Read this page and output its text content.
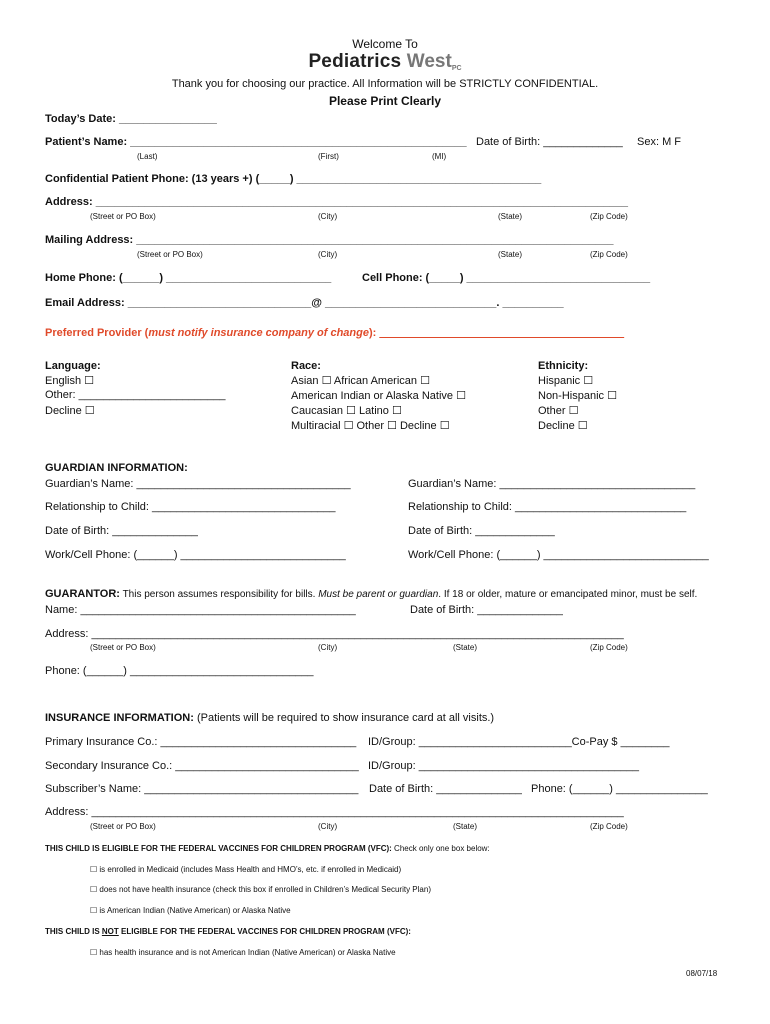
Welcome To
Pediatrics West$_{PC}$
Thank you for choosing our practice. All Information will be STRICTLY CONFIDENTIAL.
Please Print Clearly
Today’s Date: ________________
Patient’s Name: _______________________________________________________ Date of Birth: _____________ Sex: M F
(Last)	(First)	(MI)
Confidential Patient Phone: (13 years +) (_____) ________________________________________
Address: _______________________________________________________________________________________
(Street or PO Box)	(City)	(State)	(Zip Code)
Mailing Address: ______________________________________________________________________________
(Street or PO Box)	(City)	(State)	(Zip Code)
Home Phone: (______) ___________________________	Cell Phone: (_____) ______________________________
Email Address: ______________________________@ ____________________________. __________
Preferred Provider (must notify insurance company of change): ________________________________________
Language:
English ☐
Other: ________________________
Decline ☐
Race:
Asian ☐ African American ☐
American Indian or Alaska Native ☐
Caucasian ☐ Latino ☐
Multiracial ☐ Other ☐ Decline ☐
Ethnicity:
Hispanic ☐
Non-Hispanic ☐
Other ☐
Decline ☐
GUARDIAN INFORMATION:
Guardian’s Name: ___________________________________	Guardian’s Name: ________________________________
Relationship to Child: ______________________________	Relationship to Child: ____________________________
Date of Birth: ______________	Date of Birth: _____________
Work/Cell Phone: (______) ___________________________	Work/Cell Phone: (______) ___________________________
GUARANTOR: This person assumes responsibility for bills. Must be parent or guardian. If 18 or older, mature or emancipated minor, must be self.
Name: _____________________________________________	Date of Birth: ______________
Address: _______________________________________________________________________________________
(Street or PO Box)	(City)	(State)	(Zip Code)
Phone: (______) ______________________________
INSURANCE INFORMATION: (Patients will be required to show insurance card at all visits.)
Primary Insurance Co.: ________________________________ ID/Group: _________________________Co-Pay $ ________
Secondary Insurance Co.: ______________________________ ID/Group: ____________________________________
Subscriber’s Name: ___________________________________ Date of Birth: ______________ Phone: (______) _______________
Address: _______________________________________________________________________________________
(Street or PO Box)	(City)	(State)	(Zip Code)
THIS CHILD IS ELIGIBLE FOR THE FEDERAL VACCINES FOR CHILDREN PROGRAM (VFC): Check only one box below:
☐ is enrolled in Medicaid (includes Mass Health and HMO’s, etc. if enrolled in Medicaid)
☐ does not have health insurance (check this box if enrolled in Children’s Medical Security Plan)
☐ is American Indian (Native American) or Alaska Native
THIS CHILD IS NOT ELIGIBLE FOR THE FEDERAL VACCINES FOR CHILDREN PROGRAM (VFC):
☐ has health insurance and is not American Indian (Native American) or Alaska Native
08/07/18
